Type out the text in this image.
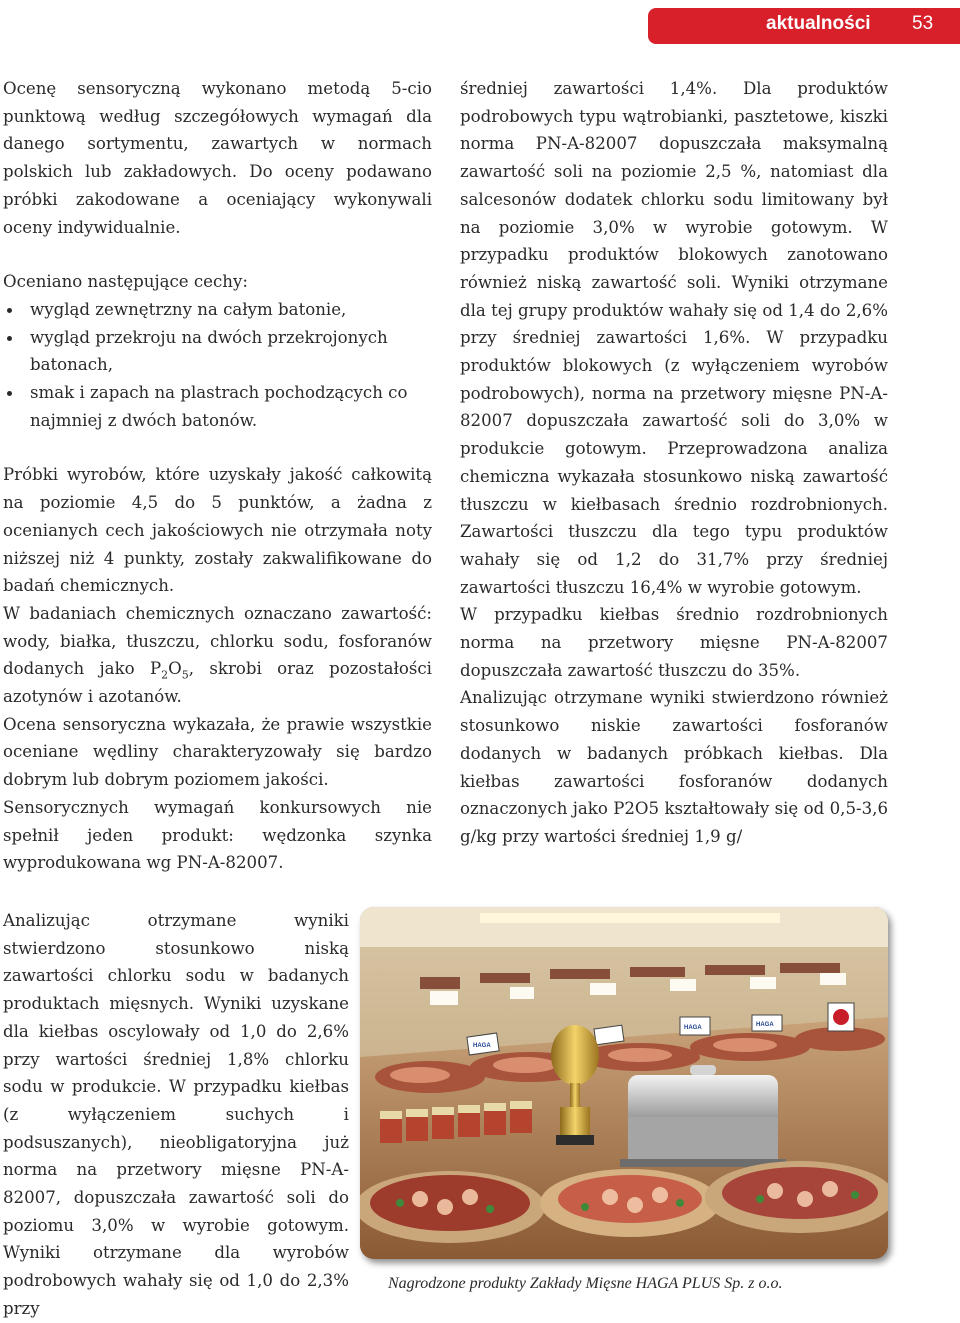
aktualności 53

Ocenę sensoryczną wykonano metodą 5-cio punktową według szczegółowych wymagań dla danego sortymentu, zawartych w normach polskich lub zakładowych. Do oceny podawano próbki zakodowane a oceniający wykonywali oceny indywidualnie.

Oceniano następujące cechy:

wygląd zewnętrzny na całym batonie,
wygląd przekroju na dwóch przekrojonych batonach,
smak i zapach na plastrach pochodzących co najmniej z dwóch batonów.

Próbki wyrobów, które uzyskały jakość całkowitą na poziomie 4,5 do 5 punktów, a żadna z ocenianych cech jakościowych nie otrzymała noty niższej niż 4 punkty, zostały zakwalifikowane do badań chemicznych.

W badaniach chemicznych oznaczano zawartość: wody, białka, tłuszczu, chlorku sodu, fosforanów dodanych jako $P_2O_5$, skrobi oraz pozostałości azotynów i azotanów.

Ocena sensoryczna wykazała, że prawie wszystkie oceniane wędliny charakteryzowały się bardzo dobrym lub dobrym poziomem jakości.

Sensorycznych wymagań konkursowych nie spełnił jeden produkt: wędzonka szynka wyprodukowana wg PN-A-82007.

Analizując otrzymane wyniki stwierdzono stosunkowo niską zawartości chlorku sodu w badanych produktach mięsnych. Wyniki uzyskane dla kiełbas oscylowały od 1,0 do 2,6% przy wartości średniej 1,8% chlorku sodu w produkcie. W przypadku kiełbas (z wyłączeniem suchych i podsuszanych), nieobligatoryjna już norma na przetwory mięsne PN-A-82007, dopuszczała zawartość soli do poziomu 3,0% w wyrobie gotowym. Wyniki otrzymane dla wyrobów podrobowych wahały się od 1,0 do 2,3% przy

średniej zawartości 1,4%. Dla produktów podrobowych typu wątrobianki, pasztetowe, kiszki norma PN-A-82007 dopuszczała maksymalną zawartość soli na poziomie 2,5 %, natomiast dla salcesonów dodatek chlorku sodu limitowany był na poziomie 3,0% w wyrobie gotowym. W przypadku produktów blokowych zanotowano również niską zawartość soli. Wyniki otrzymane dla tej grupy produktów wahały się od 1,4 do 2,6% przy średniej zawartości 1,6%. W przypadku produktów blokowych (z wyłączeniem wyrobów podrobowych), norma na przetwory mięsne PN-A-82007 dopuszczała zawartość soli do 3,0% w produkcie gotowym. Przeprowadzona analiza chemiczna wykazała stosunkowo niską zawartość tłuszczu w kiełbasach średnio rozdrobnionych. Zawartości tłuszczu dla tego typu produktów wahały się od 1,2 do 31,7% przy średniej zawartości tłuszczu 16,4% w wyrobie gotowym.

W przypadku kiełbas średnio rozdrobnionych norma na przetwory mięsne PN-A-82007 dopuszczała zawartość tłuszczu do 35%.

Analizując otrzymane wyniki stwierdzono również stosunkowo niskie zawartości fosforanów dodanych w badanych próbkach kiełbas. Dla kiełbas zawartości fosforanów dodanych oznaczonych jako P2O5 kształtowały się od 0,5-3,6 g/kg przy wartości średniej 1,9 g/

HAGA
HAGA	HAGA
Nagrodzone produkty Zakłady Mięsne HAGA PLUS Sp. z o.o.
